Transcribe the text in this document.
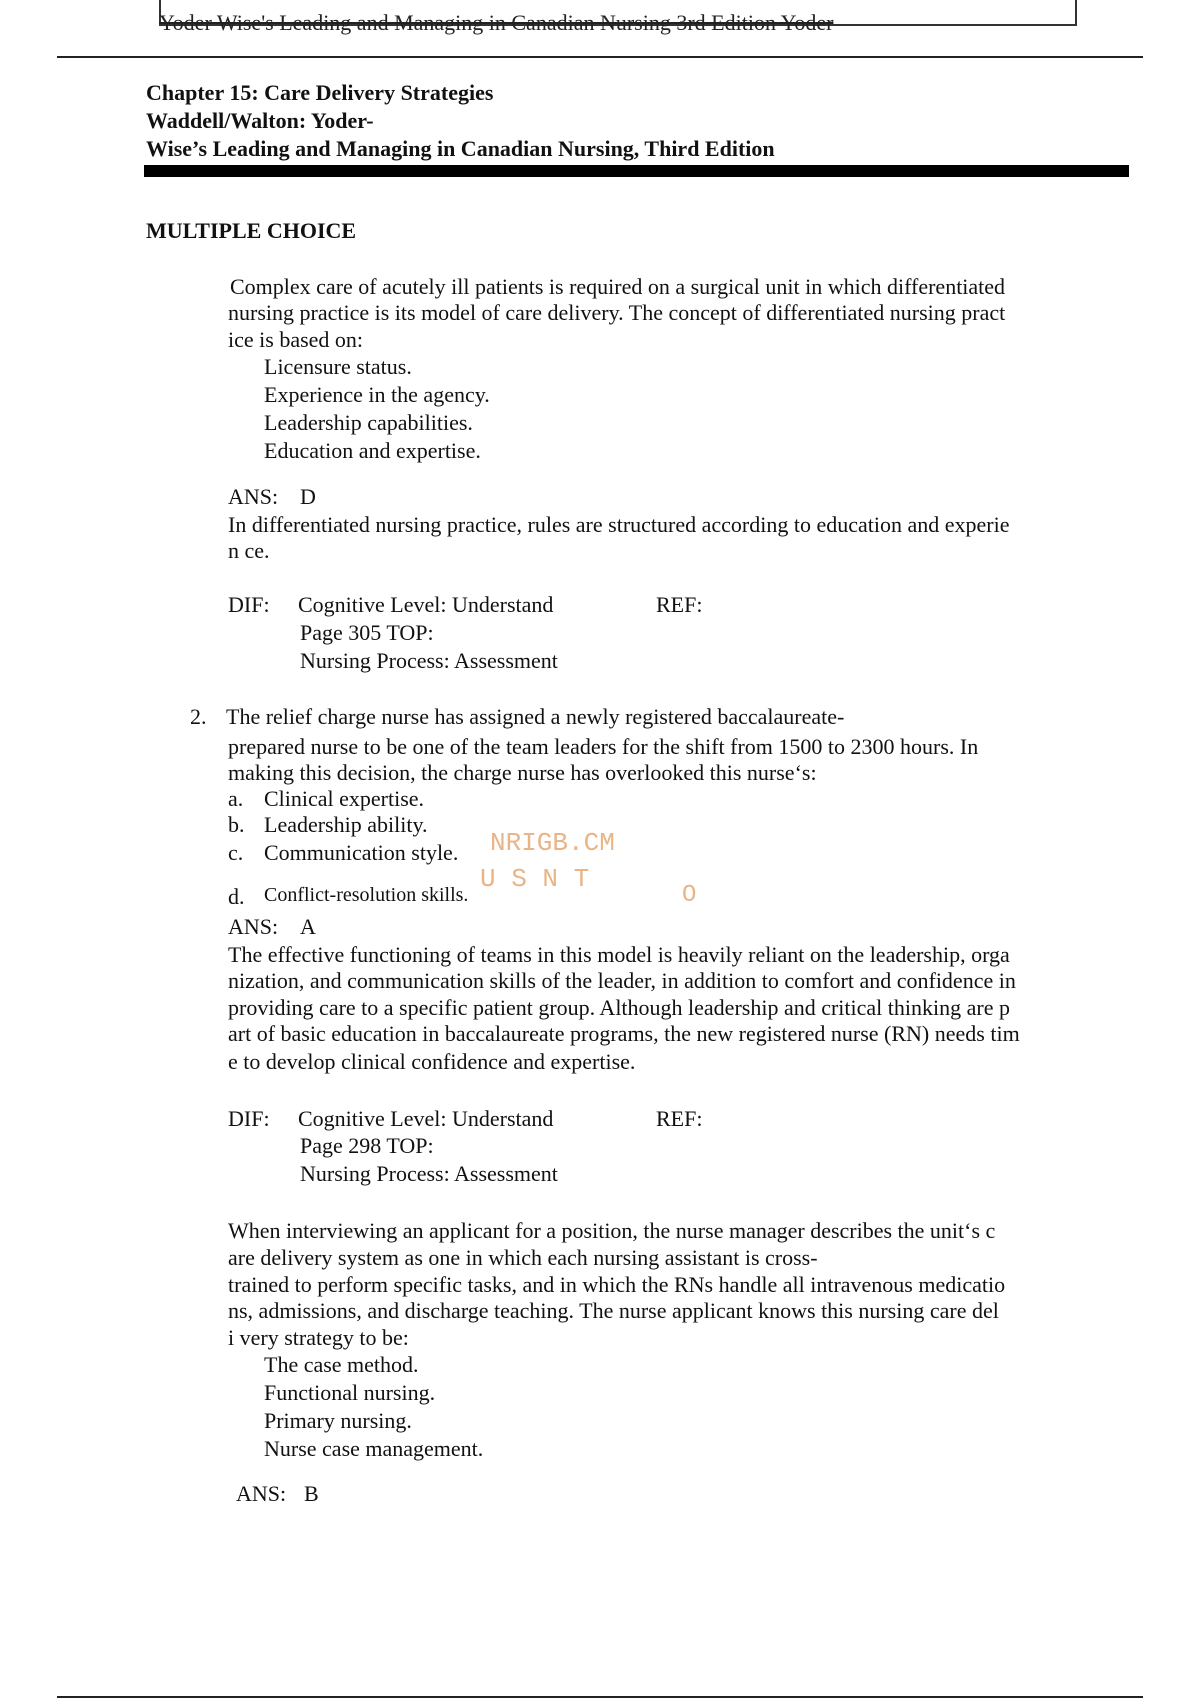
Yoder Wise's Leading and Managing in Canadian Nursing 3rd Edition Yoder
Chapter 15: Care Delivery Strategies
Waddell/Walton: Yoder-
Wise’s Leading and Managing in Canadian Nursing, Third Edition
MULTIPLE CHOICE
Complex care of acutely ill patients is required on a surgical unit in which differentiated
nursing practice is its model of care delivery. The concept of differentiated nursing pract
ice is based on:
Licensure status.
Experience in the agency.
Leadership capabilities.
Education and expertise.
ANS: D
In differentiated nursing practice, rules are structured according to education and experie
n ce.
DIF: Cognitive Level: Understand	REF:
Page 305 TOP:
Nursing Process: Assessment
2. The relief charge nurse has assigned a newly registered baccalaureate-
prepared nurse to be one of the team leaders for the shift from 1500 to 2300 hours. In
making this decision, the charge nurse has overlooked this nurse‘s:
a. Clinical expertise.
b. Leadership ability.
c. Communication style.
d. Conflict-resolution skills.
ANS: A
The effective functioning of teams in this model is heavily reliant on the leadership, orga
nization, and communication skills of the leader, in addition to comfort and confidence in
providing care to a specific patient group. Although leadership and critical thinking are p
art of basic education in baccalaureate programs, the new registered nurse (RN) needs tim
e to develop clinical confidence and expertise.
DIF: Cognitive Level: Understand	REF:
Page 298 TOP:
Nursing Process: Assessment
NRIGB.CM
U S N T
O
When interviewing an applicant for a position, the nurse manager describes the unit‘s c
are delivery system as one in which each nursing assistant is cross-
trained to perform specific tasks, and in which the RNs handle all intravenous medicatio
ns, admissions, and discharge teaching. The nurse applicant knows this nursing care del
i very strategy to be:
The case method.
Functional nursing.
Primary nursing.
Nurse case management.
ANS: B
